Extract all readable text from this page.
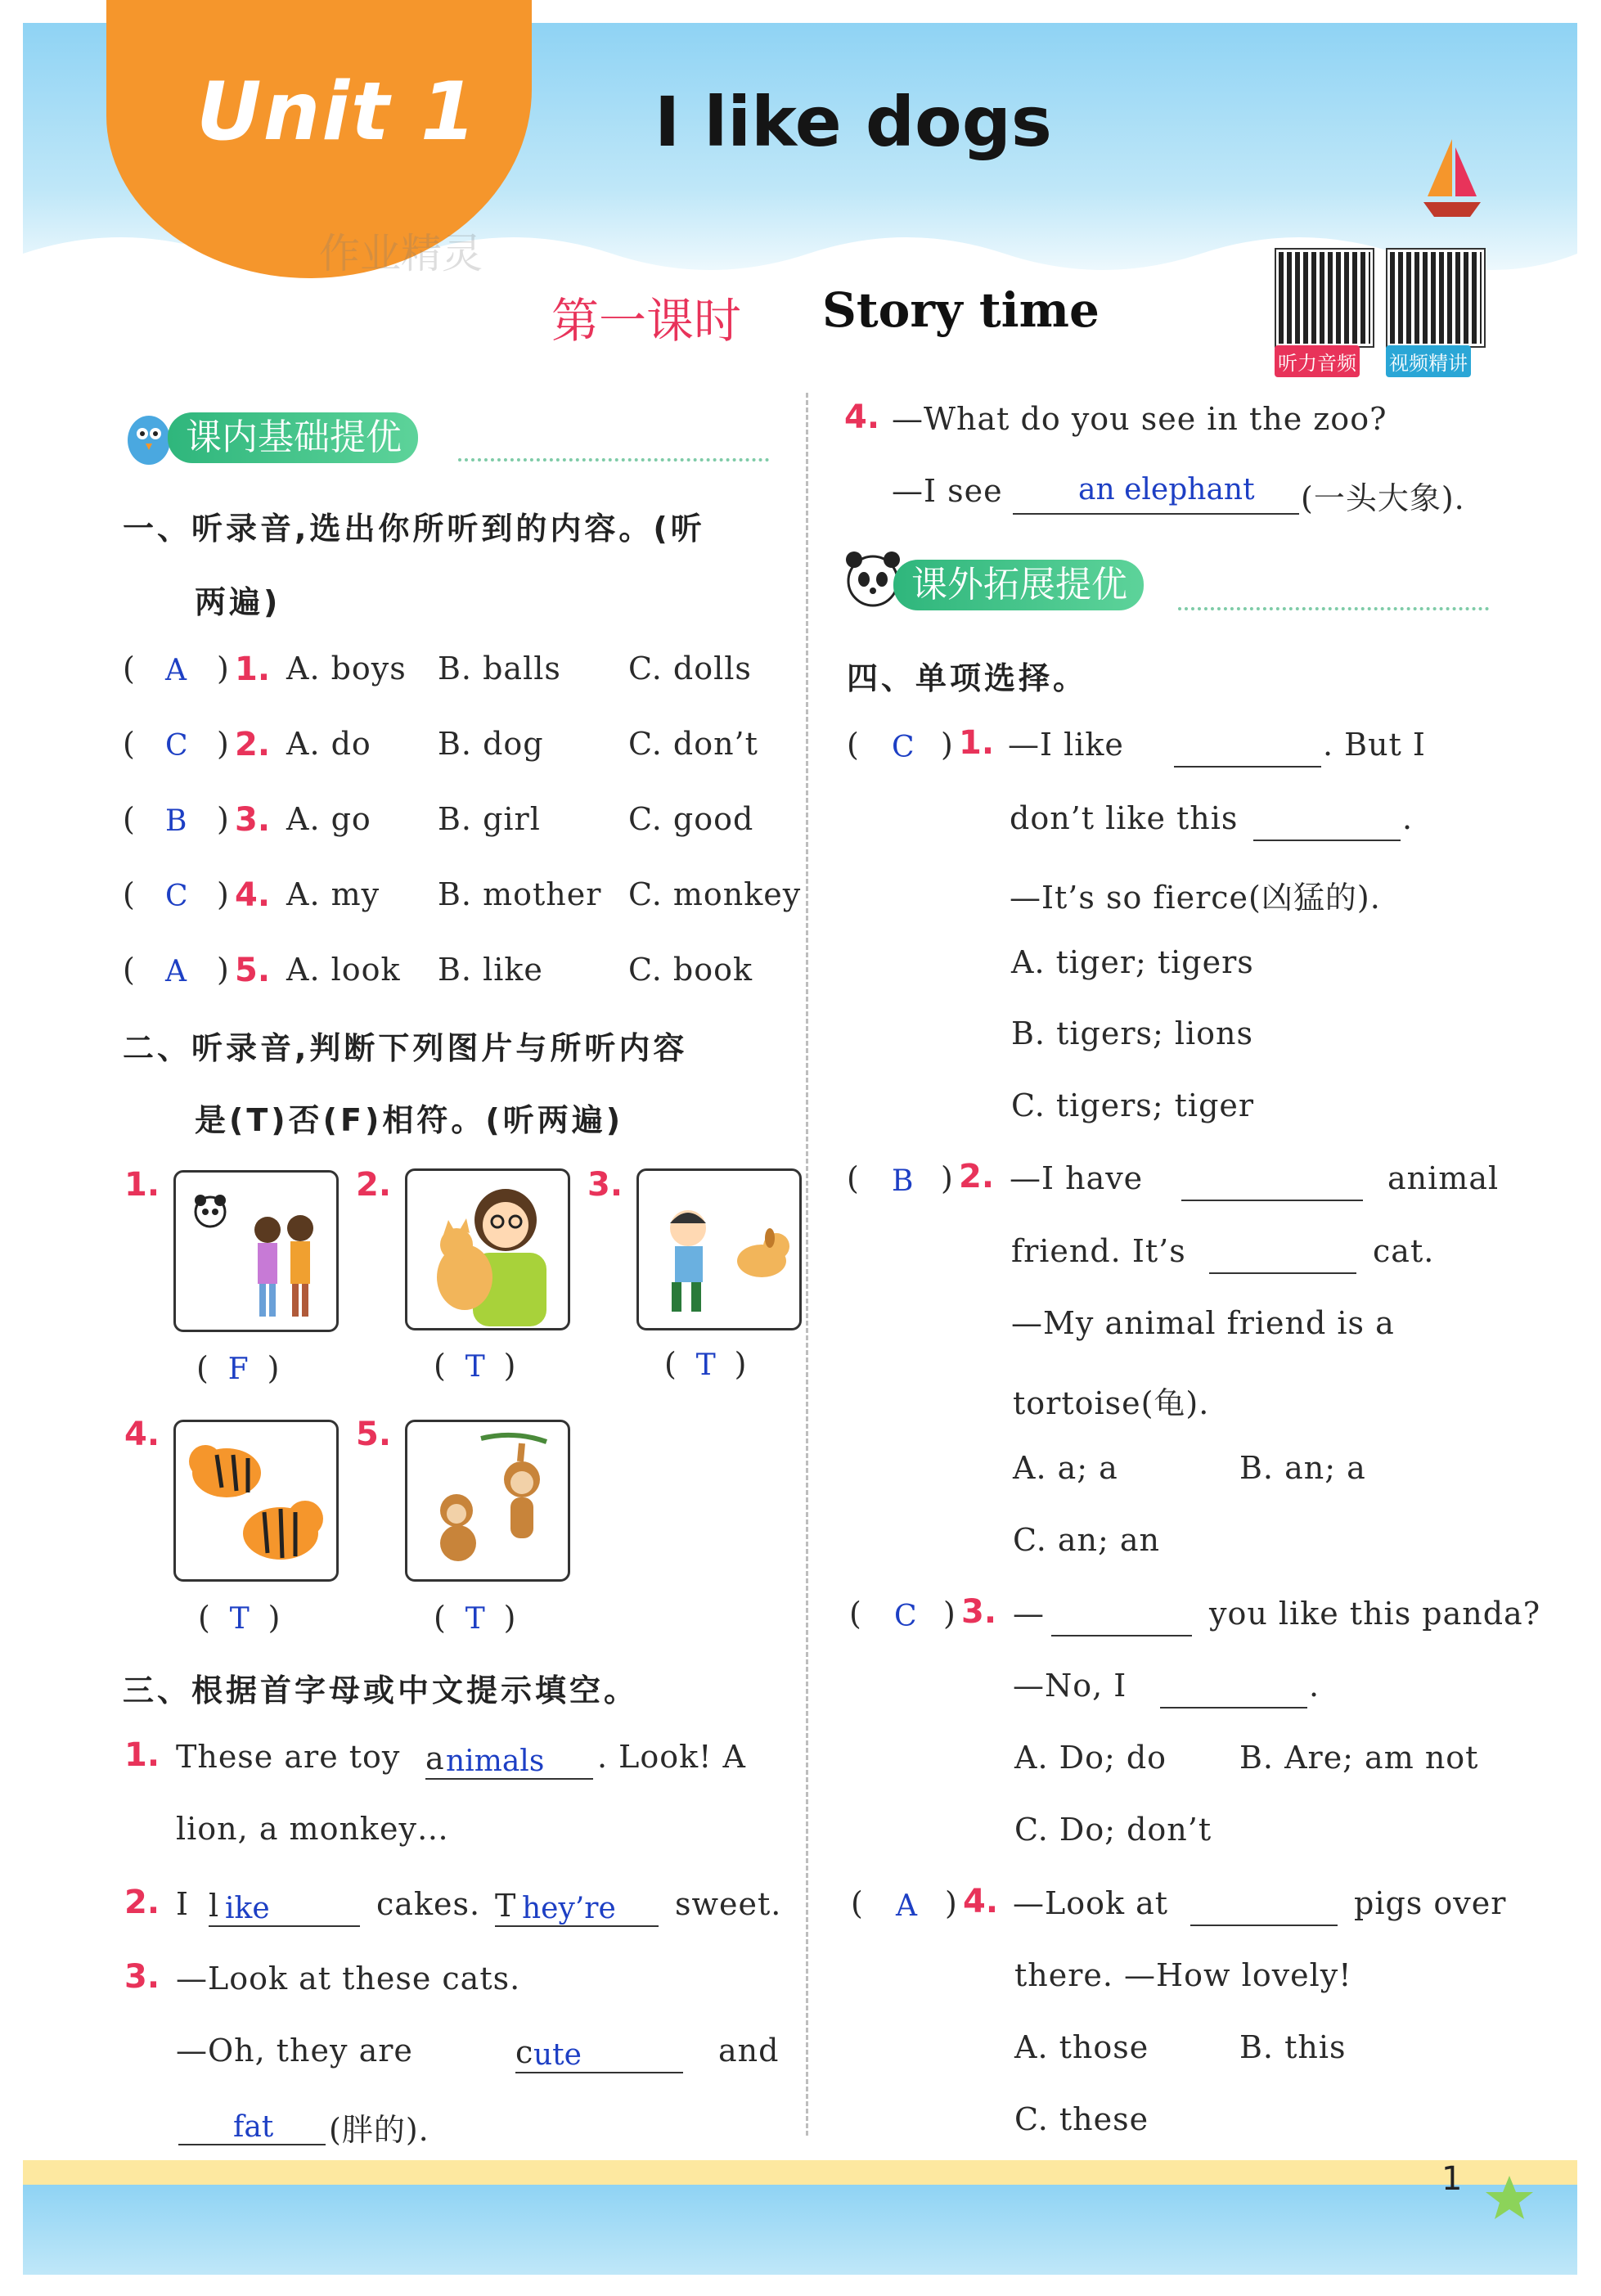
Unit 1	I like dogs
作业精灵
第一课时 Story time
听力音频 视频精讲
课内基础提优
一、听录音,选出你所听到的内容。(听
两遍)
( A ) 1. A. boys B. balls C. dolls
( C ) 2. A. do B. dog	C. don’t
( B ) 3. A. go B. girl	C. good
( C ) 4. A. my B. mother C. monkey
( A ) 5. A. look B. like	C. book
二、听录音,判断下列图片与所听内容
是(T)否(F)相符。(听两遍)
1.	2.	3.
( F )	( T )	( T )
4.	5.
( T )	( T )
三、根据首字母或中文提示填空。
1. These are toy a nimals . Look! A
lion, a monkey…
2. I l ike	cakes. T hey’re sweet.
3. —Look at these cats.
—Oh, they are	c ute	and
fat (胖的).
4. —What do you see in the zoo?
—I see	an elephant (一头大象).
课外拓展提优
四、单项选择。
( C ) 1. —I like	. But I
don’t like this	.
—It’s so fierce(凶猛的).
A. tiger; tigers
B. tigers; lions
C. tigers; tiger
( B ) 2. —I have	animal
friend. It’s	cat.
—My animal friend is a
tortoise(龟).
A. a; a	B. an; a
C. an; an
( C ) 3. —	you like this panda?
—No, I	.
A. Do; do B. Are; am not
C. Do; don’t
( A ) 4. —Look at	pigs over
there. —How lovely!
A. those	B. this
C. these
1
